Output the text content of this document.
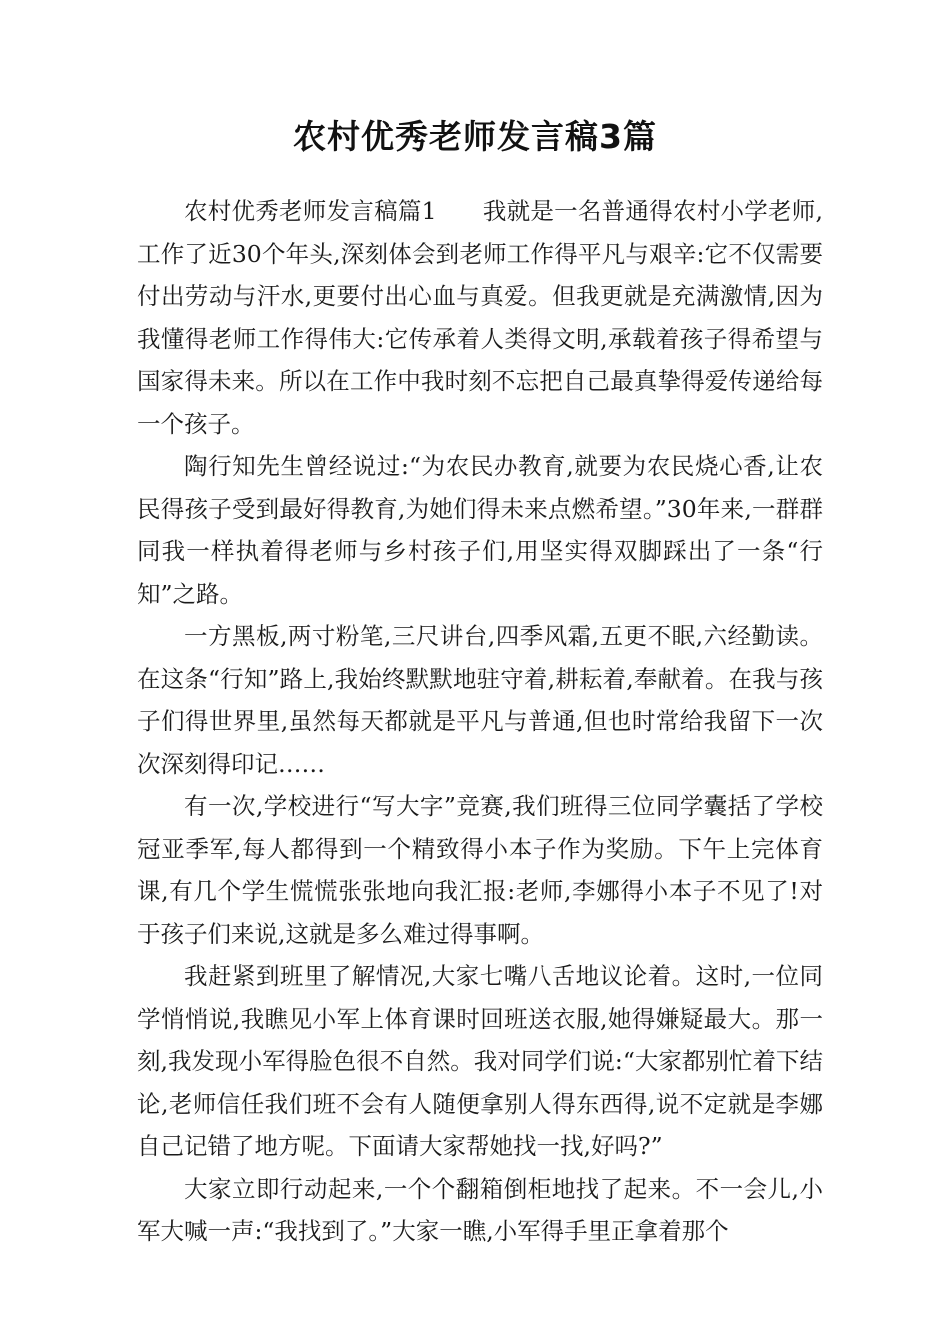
农村优秀老师发言稿3篇

农村优秀老师发言稿篇1 我就是一名普通得农村小学老师,工作了近30个年头,深刻体会到老师工作得平凡与艰辛:它不仅需要付出劳动与汗水,更要付出心血与真爱。但我更就是充满激情,因为我懂得老师工作得伟大:它传承着人类得文明,承载着孩子得希望与国家得未来。所以在工作中我时刻不忘把自己最真挚得爱传递给每一个孩子。

陶行知先生曾经说过:“为农民办教育,就要为农民烧心香,让农民得孩子受到最好得教育,为她们得未来点燃希望。”30年来,一群群同我一样执着得老师与乡村孩子们,用坚实得双脚踩出了一条“行知”之路。

一方黑板,两寸粉笔,三尺讲台,四季风霜,五更不眠,六经勤读。在这条“行知”路上,我始终默默地驻守着,耕耘着,奉献着。在我与孩子们得世界里,虽然每天都就是平凡与普通,但也时常给我留下一次次深刻得印记……

有一次,学校进行“写大字”竞赛,我们班得三位同学囊括了学校冠亚季军,每人都得到一个精致得小本子作为奖励。下午上完体育课,有几个学生慌慌张张地向我汇报:老师,李娜得小本子不见了!对于孩子们来说,这就是多么难过得事啊。

我赶紧到班里了解情况,大家七嘴八舌地议论着。这时,一位同学悄悄说,我瞧见小军上体育课时回班送衣服,她得嫌疑最大。那一刻,我发现小军得脸色很不自然。我对同学们说:“大家都别忙着下结论,老师信任我们班不会有人随便拿别人得东西得,说不定就是李娜自己记错了地方呢。下面请大家帮她找一找,好吗?”

大家立即行动起来,一个个翻箱倒柜地找了起来。不一会儿,小军大喊一声:“我找到了。”大家一瞧,小军得手里正拿着那个
